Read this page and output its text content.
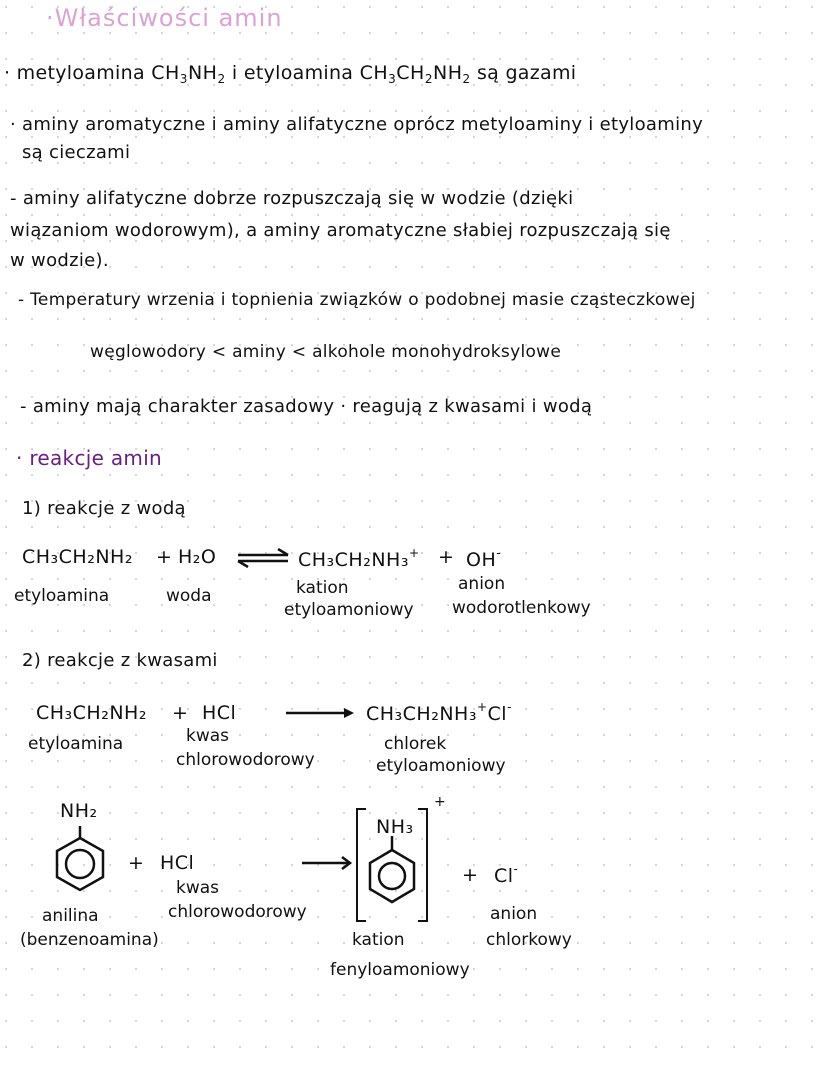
·Właściwości amin
· metyloamina $CH_3NH_2$ i etyloamina $CH_3CH_2NH_2$ są gazami
· aminy aromatyczne i aminy alifatyczne oprócz metyloaminy i etyloaminy
są cieczami
- aminy alifatyczne dobrze rozpuszczają się w wodzie (dzięki
wiązaniom wodorowym), a aminy aromatyczne słabiej rozpuszczają się
w wodzie).
- Temperatury wrzenia i topnienia związków o podobnej masie cząsteczkowej
węglowodory < aminy < alkohole monohydroksylowe
- aminy mają charakter zasadowy · reagują z kwasami i wodą
· reakcje amin
1) reakcje z wodą
CH₃CH₂NH₂ + H₂O ⇌ CH₃CH₂NH₃+ + OH-
etyloamina	woda	kation
etyloamoniowy
anion
wodorotlenkowy
2) reakcje z kwasami
CH₃CH₂NH₂ + HCl	CH₃CH₂NH₃+Cl-
etyloamina	kwas
chlorowodorowy
chlorek
etyloamoniowy
NH₂
+ HCl
kwas
chlorowodorowy
anilina
(benzenoamina)
+
NH₃
+ Cl-
anion
chlorkowy
kation
fenyloamoniowy
